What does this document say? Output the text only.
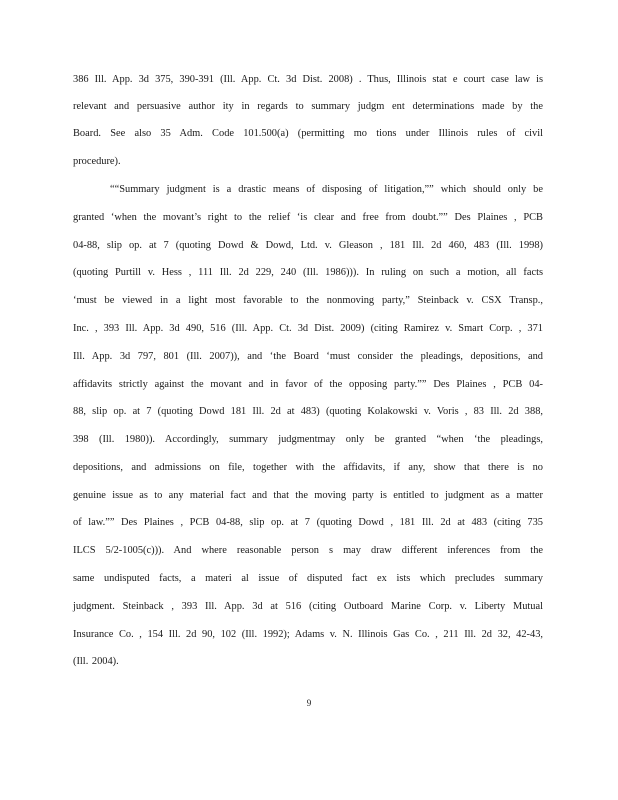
386 Ill. App. 3d 375, 390-391 (Ill. App. Ct. 3d Dist. 2008) . Thus, Illinois stat e court case law is
relevant and persuasive author ity in regards to summary judgm ent determinations made by the
Board. See also 35 Adm. Code 101.500(a) (permitting mo tions under Illinois rules of civil
procedure).
““Summary judgment is a drastic means of disposing of litigation,”” which should only be
granted ‘when the movant’s right to the relief ‘is clear and free from doubt.”” Des Plaines , PCB
04-88, slip op. at 7 (quoting Dowd & Dowd, Ltd. v. Gleason , 181 Ill. 2d 460, 483 (Ill. 1998)
(quoting Purtill v. Hess , 111 Ill. 2d 229, 240 (Ill. 1986))). In ruling on such a motion, all facts
‘must be viewed in a light most favorable to the nonmoving party,” Steinback v. CSX Transp.,
Inc. , 393 Ill. App. 3d 490, 516 (Ill. App. Ct. 3d Dist. 2009) (citing Ramirez v. Smart Corp. , 371
Ill. App. 3d 797, 801 (Ill. 2007)), and ‘the Board ‘must consider the pleadings, depositions, and
affidavits strictly against the movant and in favor of the opposing party.”” Des Plaines , PCB 04-
88, slip op. at 7 (quoting Dowd 181 Ill. 2d at 483) (quoting Kolakowski v. Voris , 83 Ill. 2d 388,
398 (Ill. 1980)). Accordingly, summary judgmentmay only be granted “when ‘the pleadings,
depositions, and admissions on file, together with the affidavits, if any, show that there is no
genuine issue as to any material fact and that the moving party is entitled to judgment as a matter
of law.”” Des Plaines , PCB 04-88, slip op. at 7 (quoting Dowd , 181 Ill. 2d at 483 (citing 735
ILCS 5/2-1005(c))). And where reasonable person s may draw different inferences from the
same undisputed facts, a materi al issue of disputed fact ex ists which precludes summary
judgment. Steinback , 393 Ill. App. 3d at 516 (citing Outboard Marine Corp. v. Liberty Mutual
Insurance Co. , 154 Ill. 2d 90, 102 (Ill. 1992); Adams v. N. Illinois Gas Co. , 211 Ill. 2d 32, 42-43,
(Ill. 2004).
9
